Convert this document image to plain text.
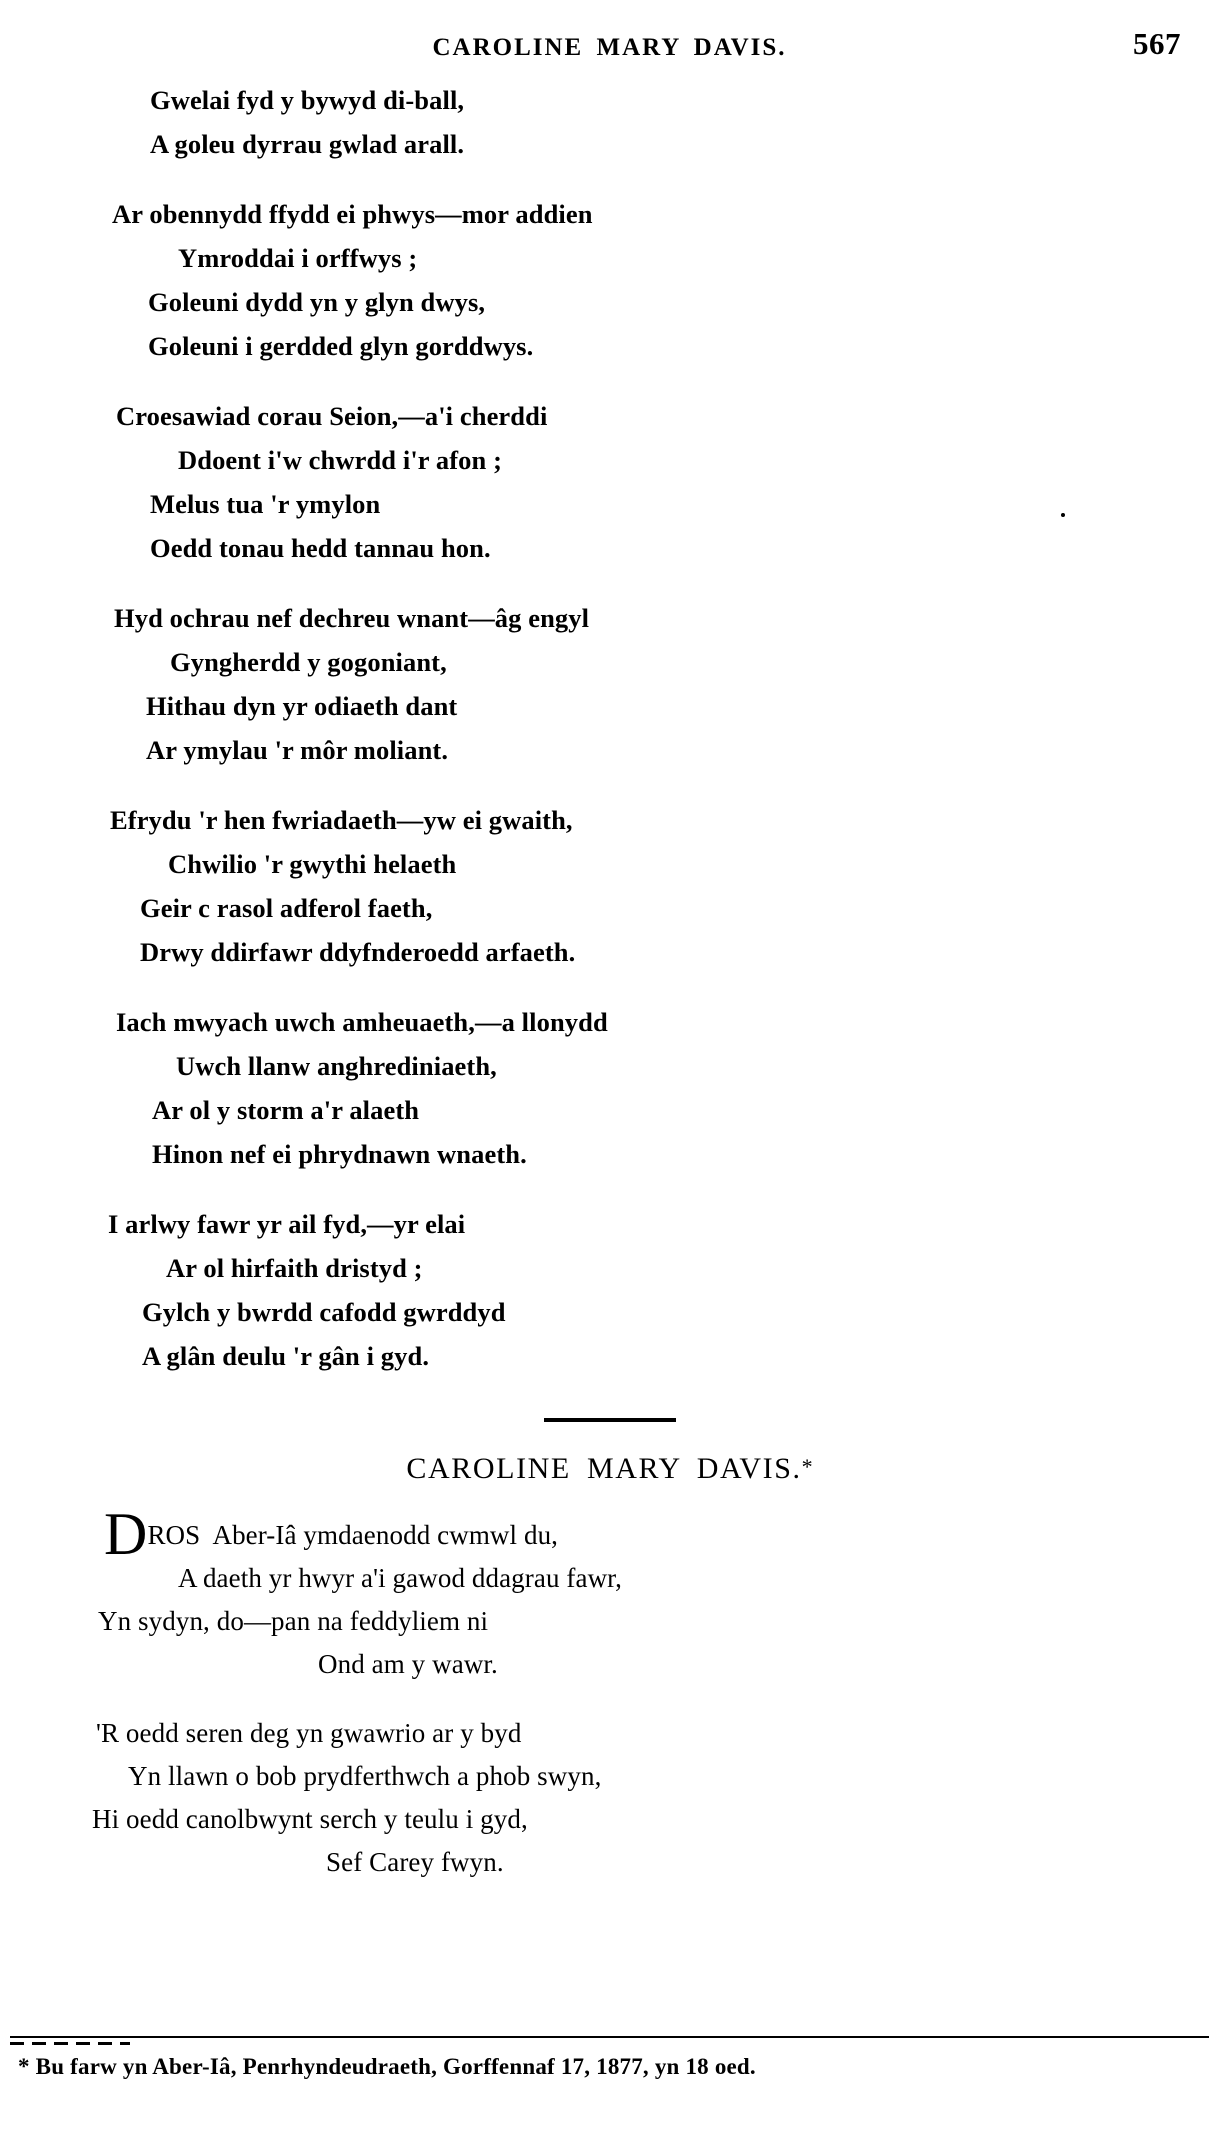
CAROLINE MARY DAVIS.	567
Gwelai fyd y bywyd di-ball,
A goleu dyrrau gwlad arall.
Ar obennydd ffydd ei phwys—mor addien
Ymroddai i orffwys ;
Goleuni dydd yn y glyn dwys,
Goleuni i gerdded glyn gorddwys.
Croesawiad corau Seion,—a'i cherddi
Ddoent i'w chwrdd i'r afon ;
Melus tua 'r ymylon
Oedd tonau hedd tannau hon.
Hyd ochrau nef dechreu wnant—âg engyl
Gyngherdd y gogoniant,
Hithau dyn yr odiaeth dant
Ar ymylau 'r môr moliant.
Efrydu 'r hen fwriadaeth—yw ei gwaith,
Chwilio 'r gwythi helaeth
Geir c rasol adferol faeth,
Drwy ddirfawr ddyfnderoedd arfaeth.
Iach mwyach uwch amheuaeth,—a llonydd
Uwch llanw anghrediniaeth,
Ar ol y storm a'r alaeth
Hinon nef ei phrydnawn wnaeth.
I arlwy fawr yr ail fyd,—yr elai
Ar ol hirfaith dristyd ;
Gylch y bwrdd cafodd gwrddyd
A glân deulu 'r gân i gyd.
CAROLINE MARY DAVIS.*
DROS  Aber-Iâ ymdaenodd cwmwl du,
A daeth yr hwyr a'i gawod ddagrau fawr,
Yn sydyn, do—pan na feddyliem ni
Ond am y wawr.
'R oedd seren deg yn gwawrio ar y byd
Yn llawn o bob prydferthwch a phob swyn,
Hi oedd canolbwynt serch y teulu i gyd,
Sef Carey fwyn.
* Bu farw yn Aber-Iâ, Penrhyndeudraeth, Gorffennaf 17, 1877, yn 18 oed.
